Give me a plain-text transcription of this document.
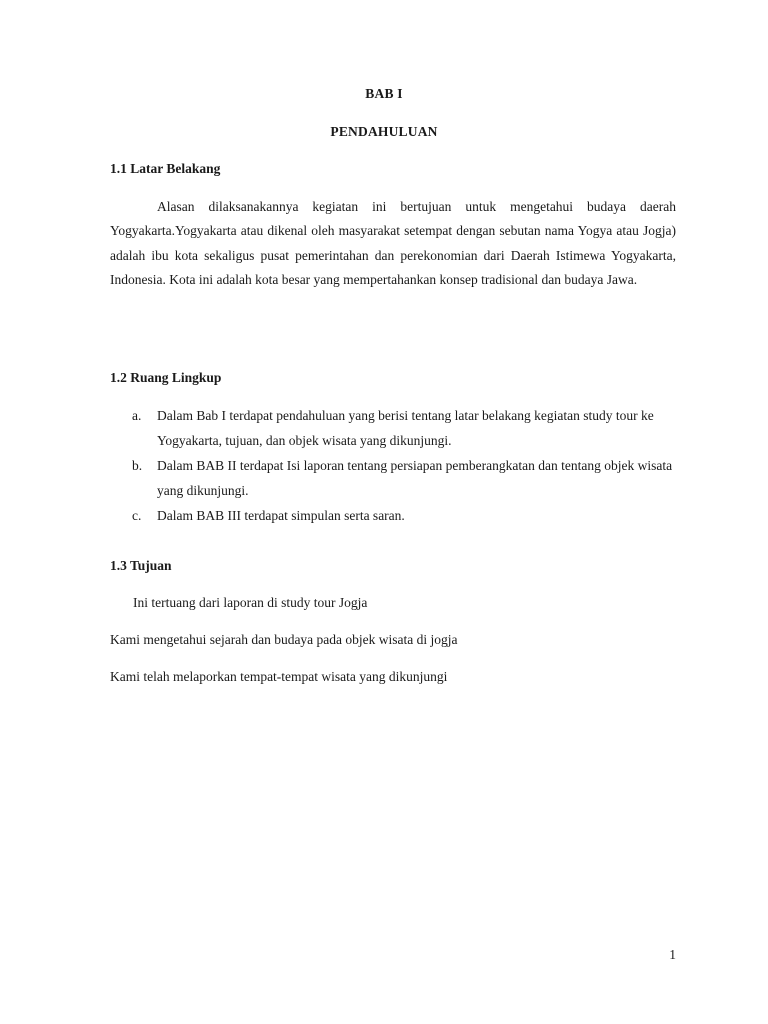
BAB I
PENDAHULUAN
1.1 Latar Belakang
Alasan dilaksanakannya kegiatan ini bertujuan untuk mengetahui budaya daerah Yogyakarta.Yogyakarta atau dikenal oleh masyarakat setempat dengan sebutan nama Yogya atau Jogja) adalah ibu kota sekaligus pusat pemerintahan dan perekonomian dari Daerah Istimewa Yogyakarta, Indonesia. Kota ini adalah kota besar yang mempertahankan konsep tradisional dan budaya Jawa.
1.2 Ruang Lingkup
a. Dalam Bab I terdapat pendahuluan yang berisi tentang latar belakang kegiatan study tour ke Yogyakarta, tujuan, dan objek wisata yang dikunjungi.
b. Dalam BAB II terdapat Isi laporan tentang persiapan pemberangkatan dan tentang objek wisata yang dikunjungi.
c. Dalam BAB III terdapat simpulan serta saran.
1.3 Tujuan
Ini tertuang dari laporan di study tour Jogja
Kami mengetahui sejarah dan budaya pada objek wisata di jogja
Kami telah melaporkan tempat-tempat wisata yang dikunjungi
1
